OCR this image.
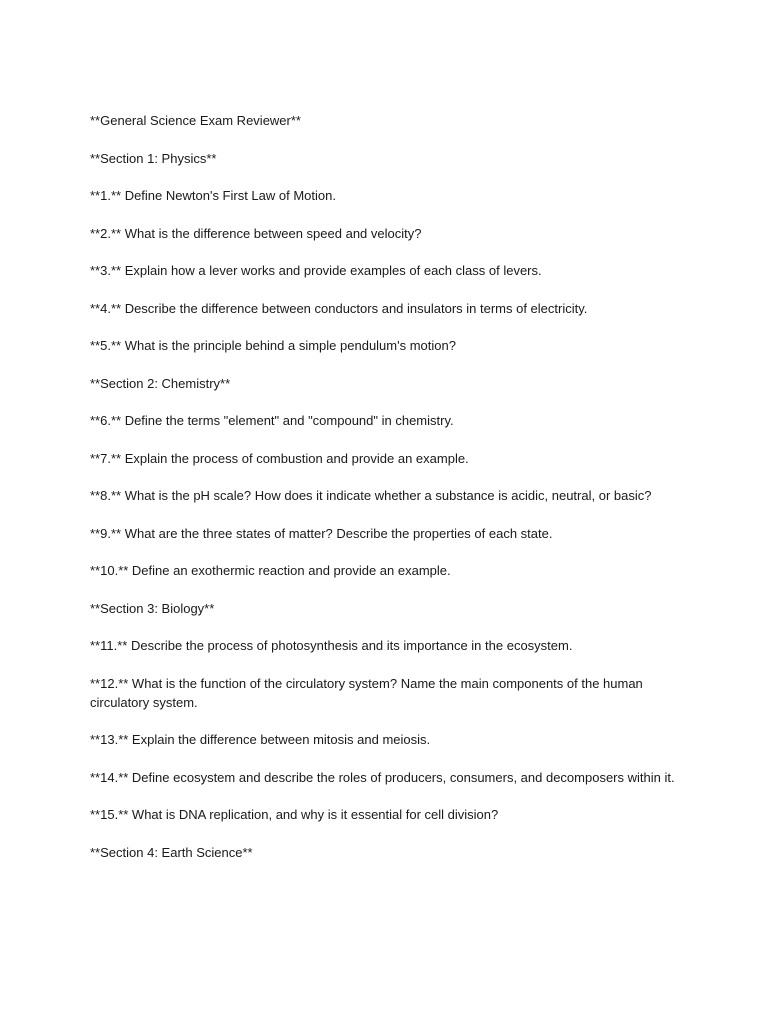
**General Science Exam Reviewer**

**Section 1: Physics**

**1.** Define Newton's First Law of Motion.

**2.** What is the difference between speed and velocity?

**3.** Explain how a lever works and provide examples of each class of levers.

**4.** Describe the difference between conductors and insulators in terms of electricity.

**5.** What is the principle behind a simple pendulum's motion?

**Section 2: Chemistry**

**6.** Define the terms "element" and "compound" in chemistry.

**7.** Explain the process of combustion and provide an example.

**8.** What is the pH scale? How does it indicate whether a substance is acidic, neutral, or basic?

**9.** What are the three states of matter? Describe the properties of each state.

**10.** Define an exothermic reaction and provide an example.

**Section 3: Biology**

**11.** Describe the process of photosynthesis and its importance in the ecosystem.

**12.** What is the function of the circulatory system? Name the main components of the human circulatory system.

**13.** Explain the difference between mitosis and meiosis.

**14.** Define ecosystem and describe the roles of producers, consumers, and decomposers within it.

**15.** What is DNA replication, and why is it essential for cell division?

**Section 4: Earth Science**
